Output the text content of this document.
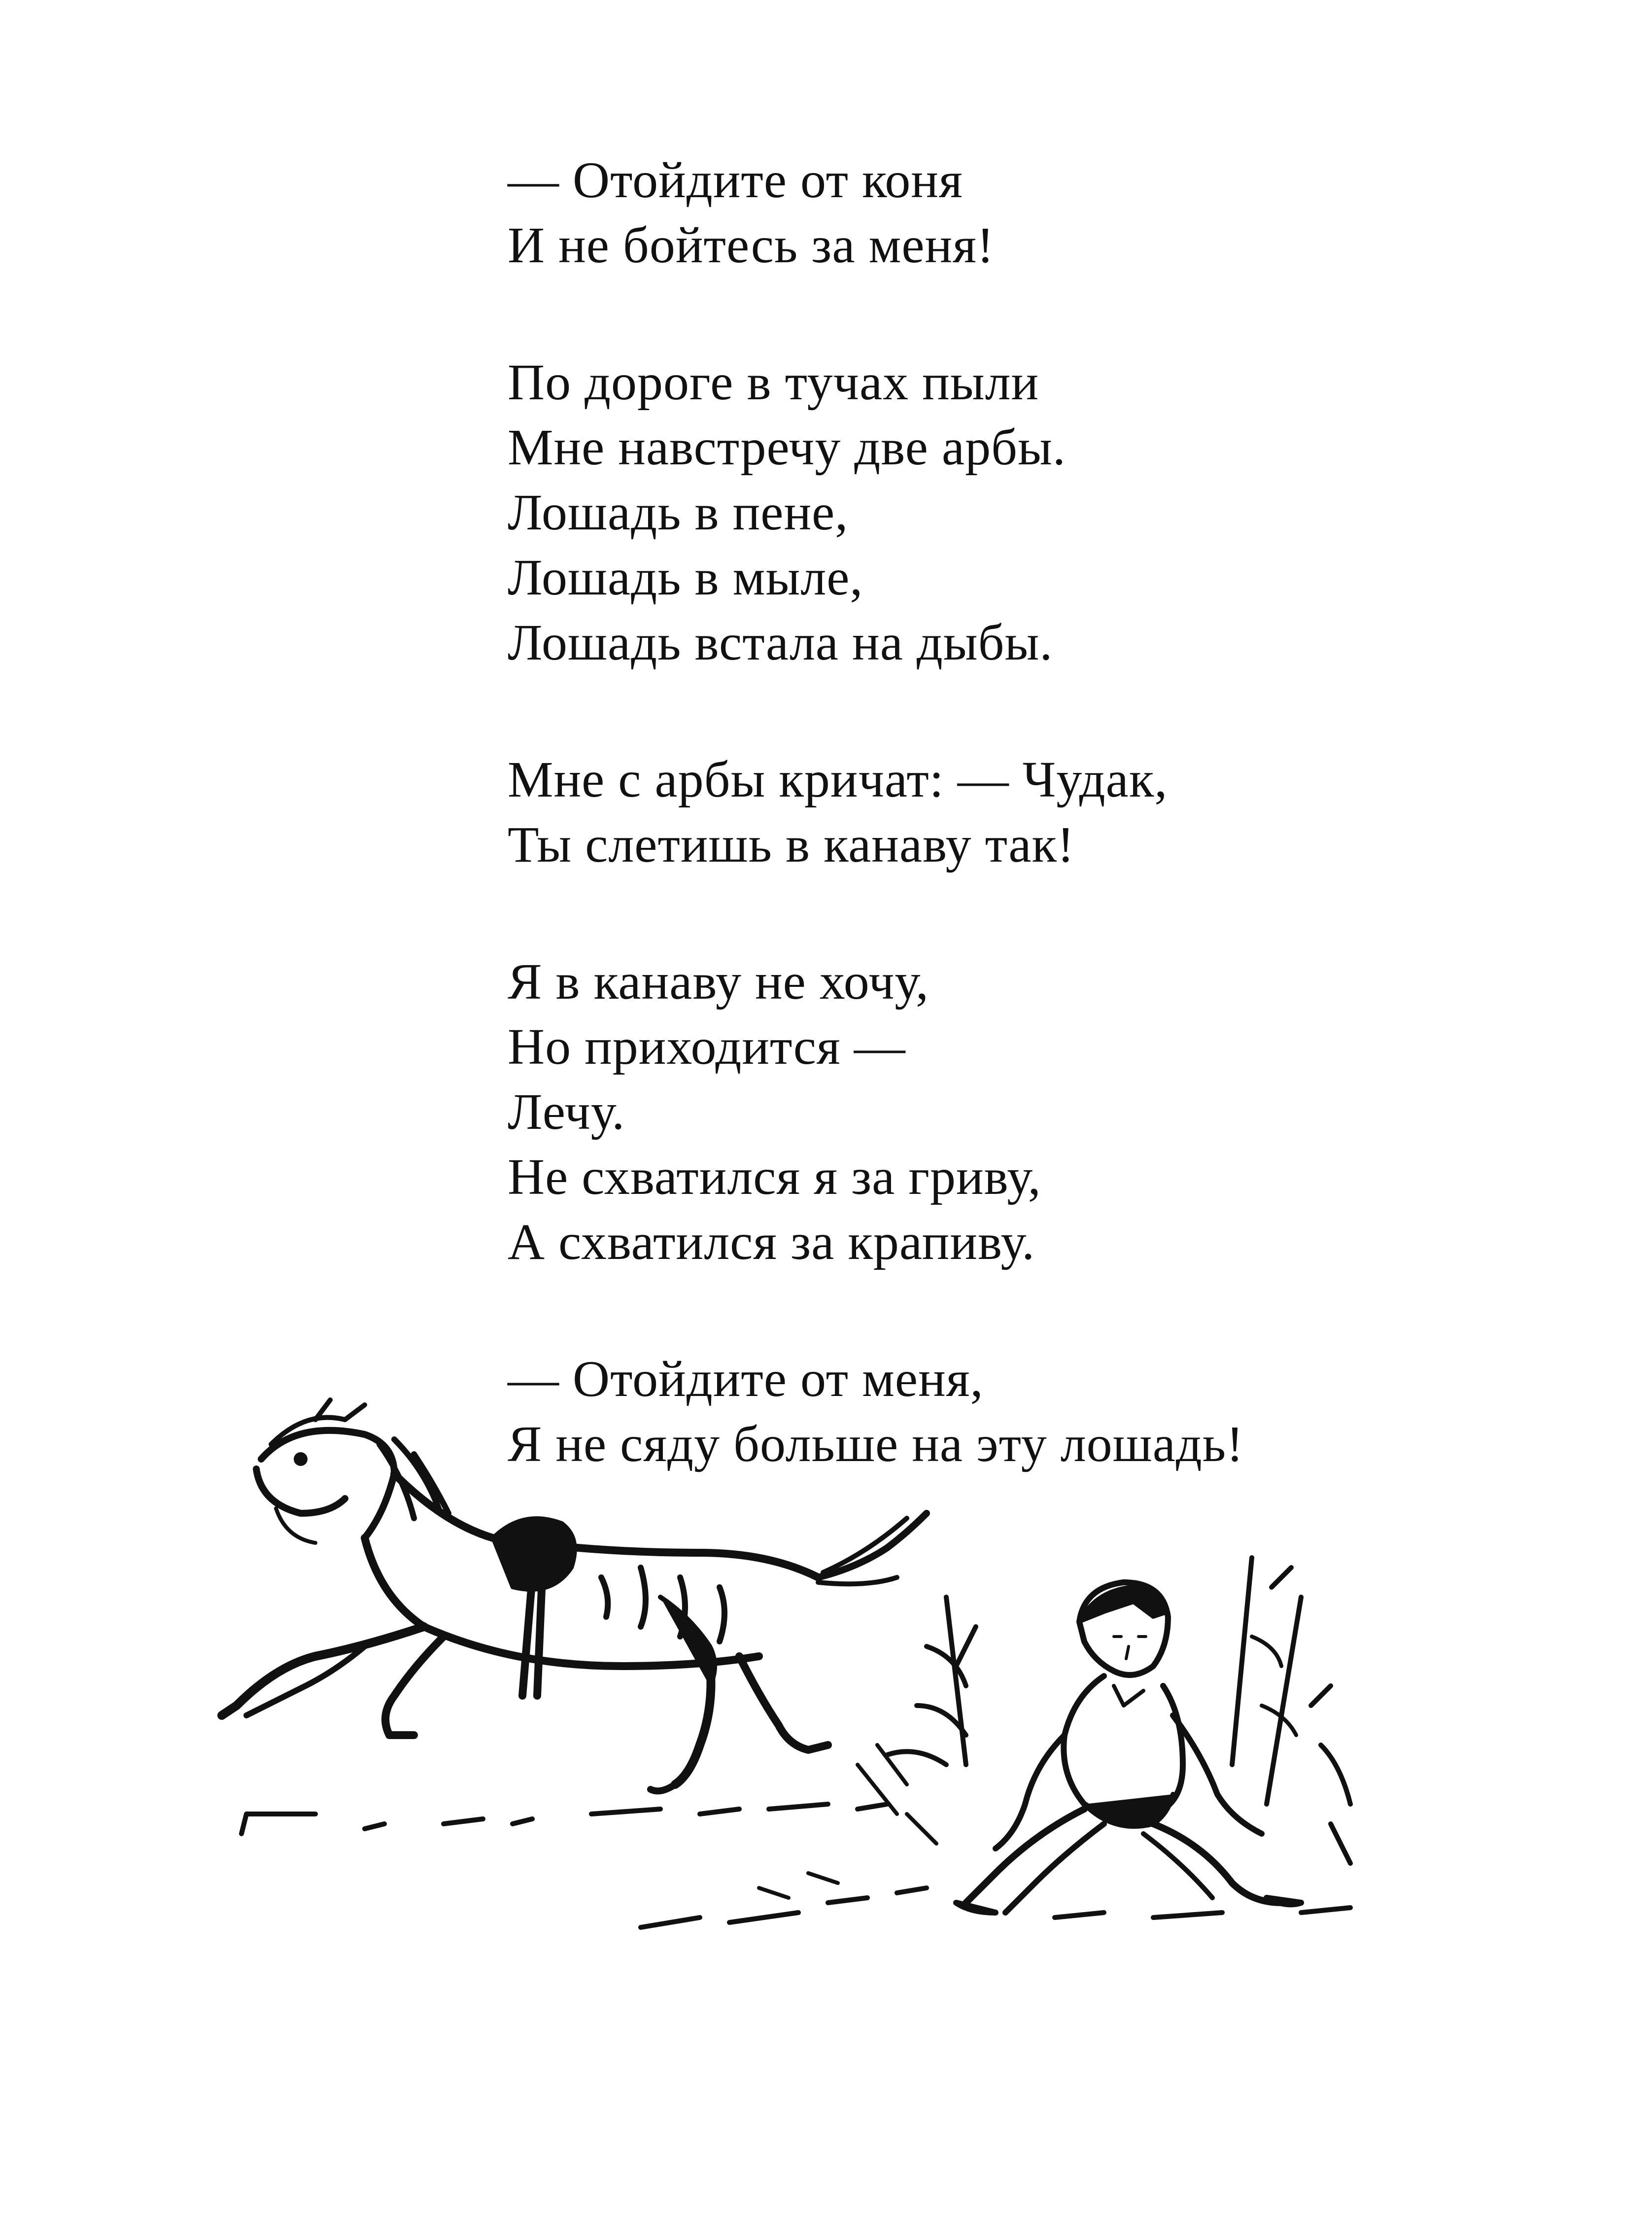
— Отойдите от коня
И не бойтесь за меня!
По дороге в тучах пыли
Мне навстречу две арбы.
Лошадь в пене,
Лошадь в мыле,
Лошадь встала на дыбы.
Мне с арбы кричат: — Чудак,
Ты слетишь в канаву так!
Я в канаву не хочу,
Но приходится —
Лечу.
Не схватился я за гриву,
А схватился за крапиву.
— Отойдите от меня,
Я не сяду больше на эту лошадь!
